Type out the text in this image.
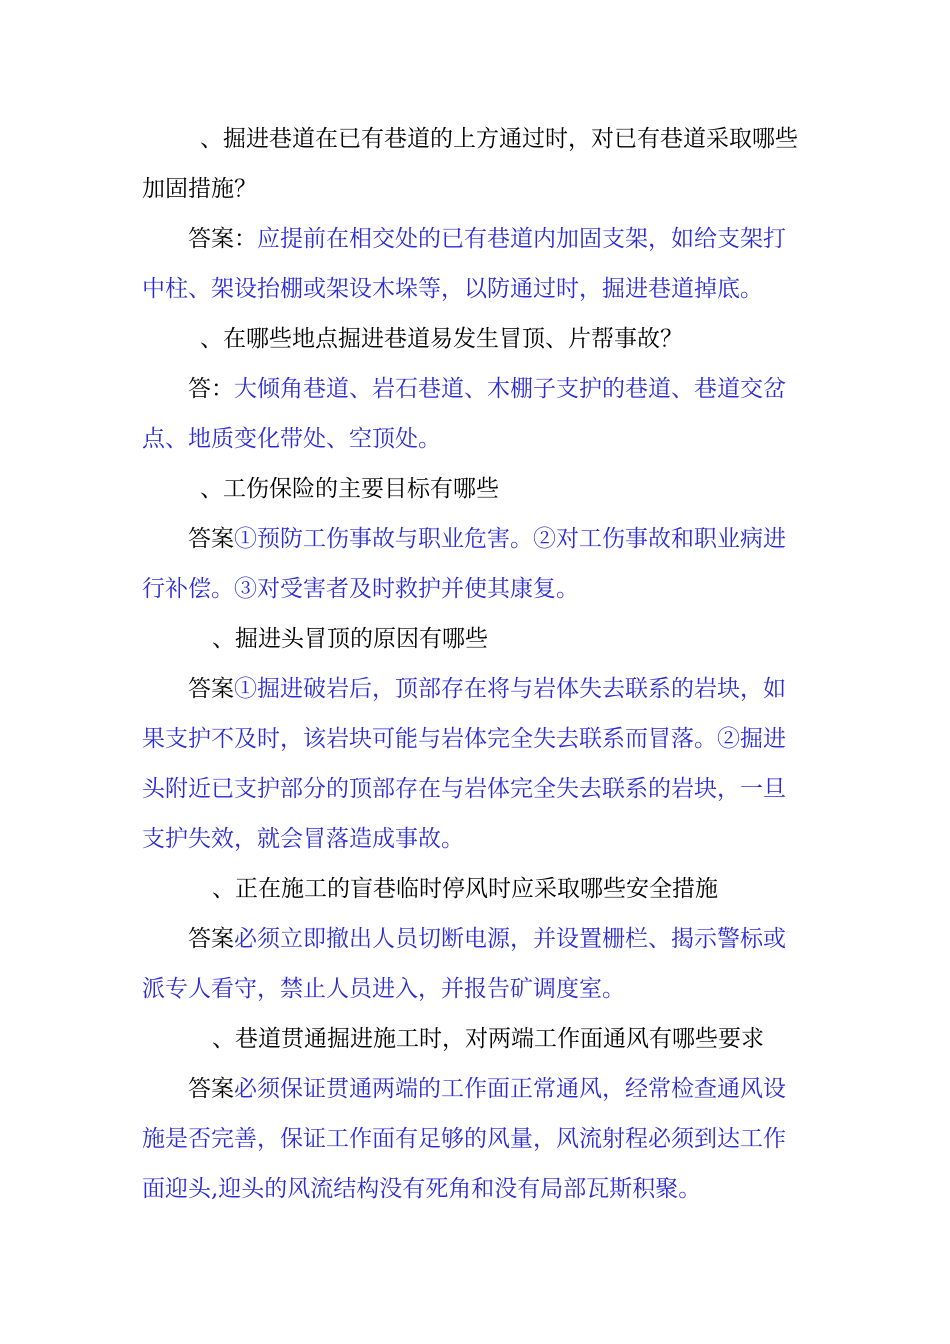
、掘进巷道在已有巷道的上方通过时，对已有巷道采取哪些加固措施？

答案：应提前在相交处的已有巷道内加固支架，如给支架打中柱、架设抬棚或架设木垛等，以防通过时，掘进巷道掉底。

、在哪些地点掘进巷道易发生冒顶、片帮事故？

答：大倾角巷道、岩石巷道、木棚子支护的巷道、巷道交岔点、地质变化带处、空顶处。

、工伤保险的主要目标有哪些

答案①预防工伤事故与职业危害。②对工伤事故和职业病进行补偿。③对受害者及时救护并使其康复。

、掘进头冒顶的原因有哪些

答案①掘进破岩后，顶部存在将与岩体失去联系的岩块，如果支护不及时，该岩块可能与岩体完全失去联系而冒落。②掘进头附近已支护部分的顶部存在与岩体完全失去联系的岩块，一旦支护失效，就会冒落造成事故。

、正在施工的盲巷临时停风时应采取哪些安全措施

答案必须立即撤出人员切断电源，并设置栅栏、揭示警标或派专人看守，禁止人员进入，并报告矿调度室。

、巷道贯通掘进施工时，对两端工作面通风有哪些要求

答案必须保证贯通两端的工作面正常通风，经常检查通风设施是否完善，保证工作面有足够的风量，风流射程必须到达工作面迎头,迎头的风流结构没有死角和没有局部瓦斯积聚。
